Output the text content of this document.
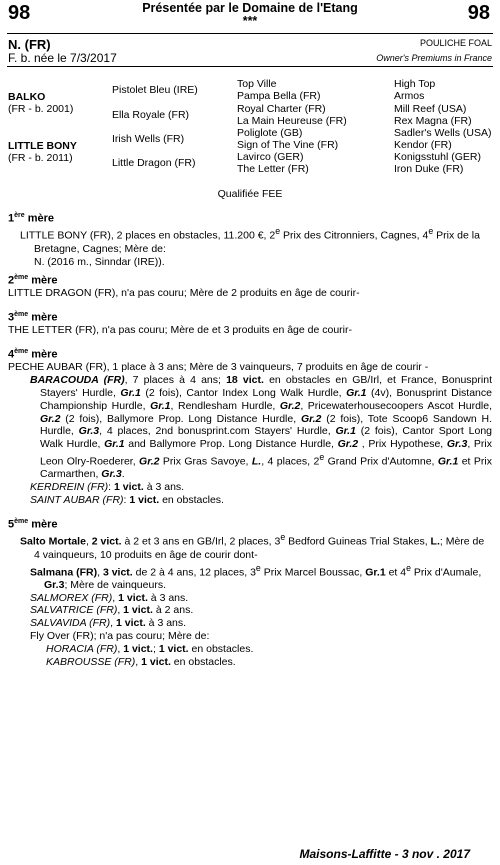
98	Présentée par le Domaine de l'Etang
***	98
N. (FR)
F. b. née le 7/3/2017
POULICHE FOAL
Owner's Premiums in France
BALKO
(FR - b. 2001)
LITTLE BONY
(FR - b. 2011)
Pistolet Bleu (IRE)
Ella Royale (FR)
Irish Wells (FR)
Little Dragon (FR)
Top Ville
Pampa Bella (FR)
Royal Charter (FR)
La Main Heureuse (FR)
Poliglote (GB)
Sign of The Vine (FR)
Lavirco (GER)
The Letter (FR)
High Top
Armos
Mill Reef (USA)
Rex Magna (FR)
Sadler's Wells (USA)
Kendor (FR)
Konigsstuhl (GER)
Iron Duke (FR)
Qualifiée FEE

1ère mère

LITTLE BONY (FR), 2 places en obstacles, 11.200 €, 2e Prix des Citronniers, Cagnes, 4e Prix de la Bretagne, Cagnes; Mère de:

N. (2016 m., Sinndar (IRE)).

2ème mère

LITTLE DRAGON (FR), n'a pas couru; Mère de 2 produits en âge de courir-

3ème mère

THE LETTER (FR), n'a pas couru; Mère de et 3 produits en âge de courir-

4ème mère

PECHE AUBAR (FR), 1 place à 3 ans; Mère de 3 vainqueurs, 7 produits en âge de courir -

BARACOUDA (FR), 7 places à 4 ans; 18 vict. en obstacles en GB/Irl, et France, Bonusprint Stayers' Hurdle, Gr.1 (2 fois), Cantor Index Long Walk Hurdle, Gr.1 (4v), Bonusprint Distance Championship Hurdle, Gr.1, Rendlesham Hurdle, Gr.2, Pricewaterhousecoopers Ascot Hurdle, Gr.2 (2 fois), Ballymore Prop. Long Distance Hurdle, Gr.2 (2 fois), Tote Scoop6 Sandown H. Hurdle, Gr.3, 4 places, 2nd bonusprint.com Stayers' Hurdle, Gr.1 (2 fois), Cantor Sport Long Walk Hurdle, Gr.1 and Ballymore Prop. Long Distance Hurdle, Gr.2 , Prix Hypothese, Gr.3, Prix Leon Olry-Roederer, Gr.2 Prix Gras Savoye, L., 4 places, 2e Grand Prix d'Automne, Gr.1 et Prix Carmarthen, Gr.3.

KERDREIN (FR): 1 vict. à 3 ans.

SAINT AUBAR (FR): 1 vict. en obstacles.

5ème mère

Salto Mortale, 2 vict. à 2 et 3 ans en GB/Irl, 2 places, 3e Bedford Guineas Trial Stakes, L.; Mère de 4 vainqueurs, 10 produits en âge de courir dont-

Salmana (FR), 3 vict. de 2 à 4 ans, 12 places, 3e Prix Marcel Boussac, Gr.1 et 4e Prix d'Aumale, Gr.3; Mère de vainqueurs.

SALMOREX (FR), 1 vict. à 3 ans.

SALVATRICE (FR), 1 vict. à 2 ans.

SALVAVIDA (FR), 1 vict. à 3 ans.

Fly Over (FR); n'a pas couru; Mère de:

HORACIA (FR), 1 vict.; 1 vict. en obstacles.

KABROUSSE (FR), 1 vict. en obstacles.

Maisons-Laffitte - 3 nov . 2017
